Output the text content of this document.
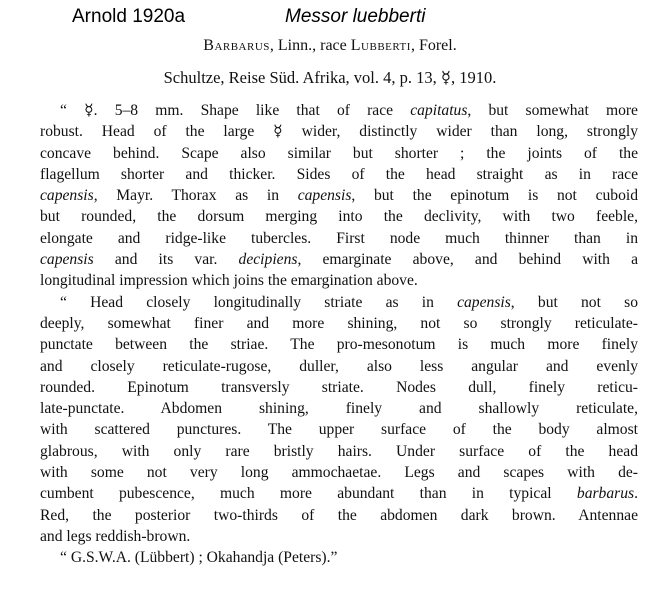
Arnold 1920a	Messor luebberti
Barbarus, Linn., race Lubberti, Forel.
Schultze, Reise Süd. Afrika, vol. 4, p. 13, ☿, 1910.

“ ☿. 5–8 mm. Shape like that of race capitatus, but somewhat more
robust. Head of the large ☿ wider, distinctly wider than long, strongly
concave behind. Scape also similar but shorter ; the joints of the
flagellum shorter and thicker. Sides of the head straight as in race
capensis, Mayr. Thorax as in capensis, but the epinotum is not cuboid
but rounded, the dorsum merging into the declivity, with two feeble,
elongate and ridge-like tubercles. First node much thinner than in
capensis and its var. decipiens, emarginate above, and behind with a
longitudinal impression which joins the emargination above.

“ Head closely longitudinally striate as in capensis, but not so
deeply, somewhat finer and more shining, not so strongly reticulate-
punctate between the striae. The pro-mesonotum is much more finely
and closely reticulate-rugose, duller, also less angular and evenly
rounded. Epinotum transversly striate. Nodes dull, finely reticu-
late-punctate. Abdomen shining, finely and shallowly reticulate,
with scattered punctures. The upper surface of the body almost
glabrous, with only rare bristly hairs. Under surface of the head
with some not very long ammochaetae. Legs and scapes with de-
cumbent pubescence, much more abundant than in typical barbarus.
Red, the posterior two-thirds of the abdomen dark brown. Antennae
and legs reddish-brown.

“ G.S.W.A. (Lübbert) ; Okahandja (Peters).”
